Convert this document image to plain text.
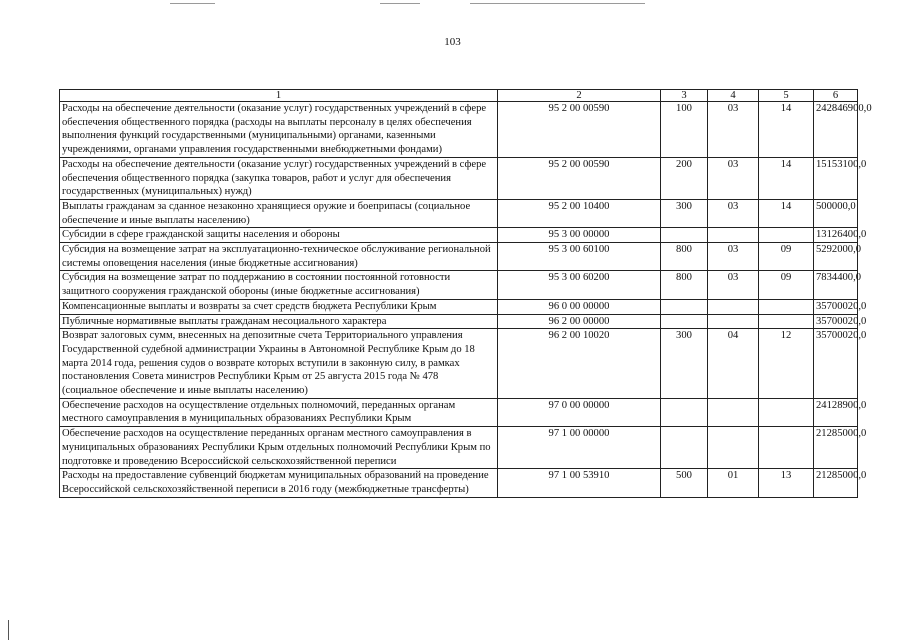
103
1	2	3	4	5	6
Расходы на обеспечение деятельности (оказание услуг) государственных учреждений в сфере обеспечения общественного порядка (расходы на выплаты персоналу в целях обеспечения выполнения функций государственными (муниципальными) органами, казенными учреждениями, органами управления государственными внебюджетными фондами)	95 2 00 00590	100	03	14	242846900,0
Расходы на обеспечение деятельности (оказание услуг) государственных учреждений в сфере обеспечения общественного порядка (закупка товаров, работ и услуг для обеспечения государственных (муниципальных) нужд)	95 2 00 00590	200	03	14	15153100,0
Выплаты гражданам за сданное незаконно хранящиеся оружие и боеприпасы (социальное обеспечение и иные выплаты населению)	95 2 00 10400	300	03	14	500000,0
Субсидии в сфере гражданской защиты населения и обороны	95 3 00 00000				13126400,0
Субсидия на возмещение затрат на эксплуатационно-техническое обслуживание региональной системы оповещения населения (иные бюджетные ассигнования)	95 3 00 60100	800	03	09	5292000,0
Субсидия на возмещение затрат по поддержанию в состоянии постоянной готовности защитного сооружения гражданской обороны (иные бюджетные ассигнования)	95 3 00 60200	800	03	09	7834400,0
Компенсационные выплаты и возвраты за счет средств бюджета Республики Крым	96 0 00 00000				35700020,0
Публичные нормативные выплаты гражданам несоциального характера	96 2 00 00000				35700020,0
Возврат залоговых сумм, внесенных на депозитные счета Территориального управления Государственной судебной администрации Украины в Автономной Республике Крым до 18 марта 2014 года, решения судов о возврате которых вступили в законную силу, в рамках постановления Совета министров Республики Крым от 25 августа 2015 года № 478 (социальное обеспечение и иные выплаты населению)	96 2 00 10020	300	04	12	35700020,0
Обеспечение расходов на осуществление отдельных полномочий, переданных органам местного самоуправления в муниципальных образованиях Республики Крым	97 0 00 00000				24128900,0
Обеспечение расходов на осуществление переданных органам местного самоуправления в муниципальных образованиях Республики Крым отдельных полномочий Республики Крым по подготовке и проведению Всероссийской сельскохозяйственной переписи	97 1 00 00000				21285000,0
Расходы на предоставление субвенций бюджетам муниципальных образований на проведение Всероссийской сельскохозяйственной переписи в 2016 году (межбюджетные трансферты)	97 1 00 53910	500	01	13	21285000,0
